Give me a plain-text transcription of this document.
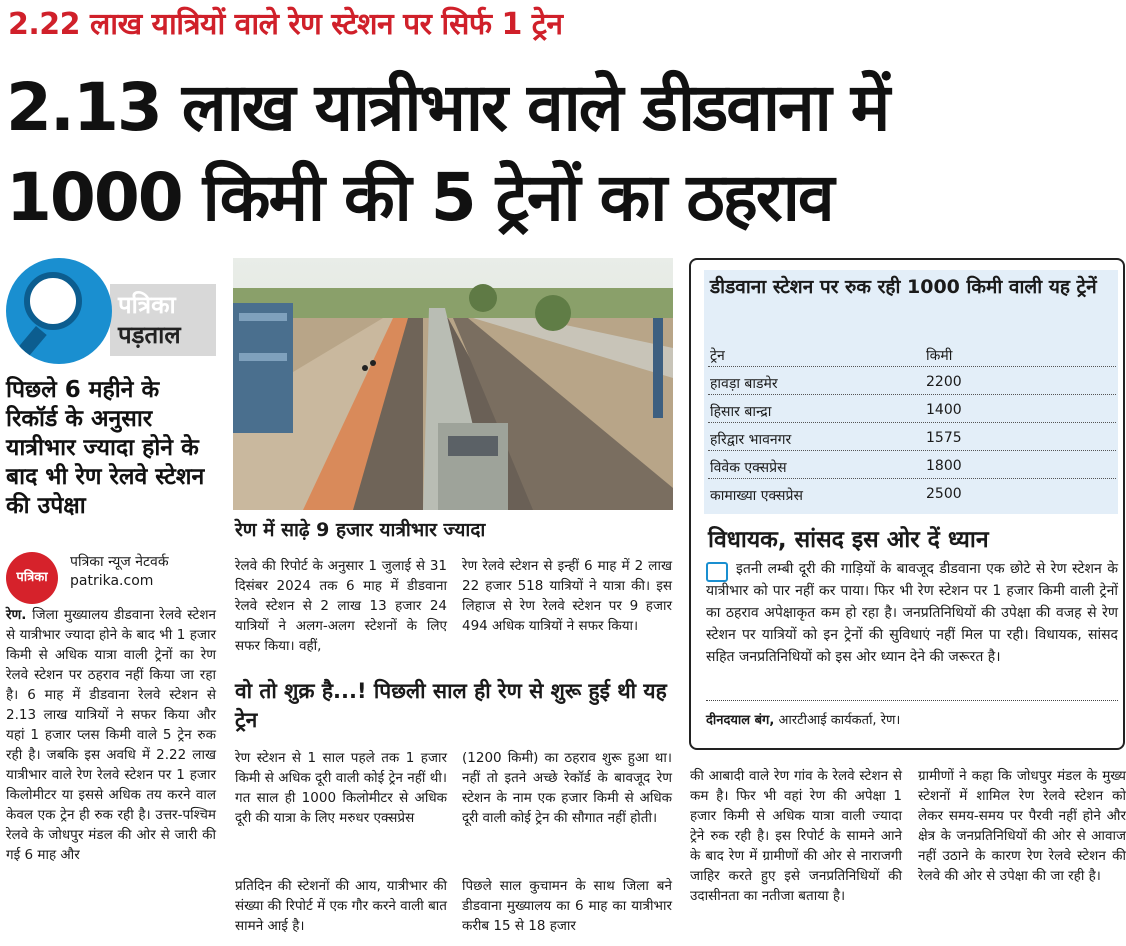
2.22 लाख यात्रियों वाले रेण स्टेशन पर सिर्फ 1 ट्रेन
2.13 लाख यात्रीभार वाले डीडवाना में
1000 किमी की 5 ट्रेनों का ठहराव
पत्रिका
पड़ताल
पिछले 6 महीने के रिकॉर्ड के अनुसार यात्रीभार ज्यादा होने के बाद भी रेण रेलवे स्टेशन की उपेक्षा
पत्रिका
पत्रिका न्यूज नेटवर्क
patrika.com
रेण. जिला मुख्यालय डीडवाना रेलवे स्टेशन से यात्रीभार ज्यादा होने के बाद भी 1 हजार किमी से अधिक यात्रा वाली ट्रेनों का रेण रेलवे स्टेशन पर ठहराव नहीं किया जा रहा है। 6 माह में डीडवाना रेलवे स्टेशन से 2.13 लाख यात्रियों ने सफर किया और यहां 1 हजार प्लस किमी वाले 5 ट्रेन रुक रही है। जबकि इस अवधि में 2.22 लाख यात्रीभार वाले रेण रेलवे स्टेशन पर 1 हजार किलोमीटर या इससे अधिक तय करने वाल केवल एक ट्रेन ही रुक रही है। उत्तर-पश्चिम रेलवे के जोधपुर मंडल की ओर से जारी की गई 6 माह और
रेण में साढ़े 9 हजार यात्रीभार ज्यादा
रेलवे की रिपोर्ट के अनुसार 1 जुलाई से 31 दिसंबर 2024 तक 6 माह में डीडवाना रेलवे स्टेशन से 2 लाख 13 हजार 24 यात्रियों ने अलग-अलग स्टेशनों के लिए सफर किया। वहीं,
रेण रेलवे स्टेशन से इन्हीं 6 माह में 2 लाख 22 हजार 518 यात्रियों ने यात्रा की। इस लिहाज से रेण रेलवे स्टेशन पर 9 हजार 494 अधिक यात्रियों ने सफर किया।
वो तो शुक्र है...! पिछली साल ही रेण से शुरू हुई थी यह ट्रेन
रेण स्टेशन से 1 साल पहले तक 1 हजार किमी से अधिक दूरी वाली कोई ट्रेन नहीं थी। गत साल ही 1000 किलोमीटर से अधिक दूरी की यात्रा के लिए मरुधर एक्सप्रेस
(1200 किमी) का ठहराव शुरू हुआ था। नहीं तो इतने अच्छे रेकॉर्ड के बावजूद रेण स्टेशन के नाम एक हजार किमी से अधिक दूरी वाली कोई ट्रेन की सौगात नहीं होती।
प्रतिदिन की स्टेशनों की आय, यात्रीभार की संख्या की रिपोर्ट में एक गौर करने वाली बात सामने आई है।
पिछले साल कुचामन के साथ जिला बने डीडवाना मुख्यालय का 6 माह का यात्रीभार करीब 15 से 18 हजार
की आबादी वाले रेण गांव के रेलवे स्टेशन से कम है। फिर भी वहां रेण की अपेक्षा 1 हजार किमी से अधिक यात्रा वाली ज्यादा ट्रेने रुक रही है। इस रिपोर्ट के सामने आने के बाद रेण में ग्रामीणों की ओर से नाराजगी जाहिर करते हुए इसे जनप्रतिनिधियों की उदासीनता का नतीजा बताया है।
ग्रामीणों ने कहा कि जोधपुर मंडल के मुख्य स्टेशनों में शामिल रेण रेलवे स्टेशन को लेकर समय-समय पर पैरवी नहीं होने और क्षेत्र के जनप्रतिनिधियों की ओर से आवाज नहीं उठाने के कारण रेण रेलवे स्टेशन की रेलवे की ओर से उपेक्षा की जा रही है।
डीडवाना स्टेशन पर रुक रही 1000 किमी वाली यह ट्रेनें
ट्रेन	किमी
हावड़ा बाडमेर	2200
हिसार बान्द्रा	1400
हरिद्वार भावनगर	1575
विवेक एक्सप्रेस	1800
कामाख्या एक्सप्रेस	2500
विधायक, सांसद इस ओर दें ध्यान
इतनी लम्बी दूरी की गाड़ियों के बावजूद डीडवाना एक छोटे से रेण स्टेशन के यात्रीभार को पार नहीं कर पाया। फिर भी रेण स्टेशन पर 1 हजार किमी वाली ट्रेनों का ठहराव अपेक्षाकृत कम हो रहा है। जनप्रतिनिधियों की उपेक्षा की वजह से रेण स्टेशन पर यात्रियों को इन ट्रेनों की सुविधाएं नहीं मिल पा रही। विधायक, सांसद सहित जनप्रतिनिधियों को इस ओर ध्यान देने की जरूरत है।
दीनदयाल बंग, आरटीआई कार्यकर्ता, रेण।
